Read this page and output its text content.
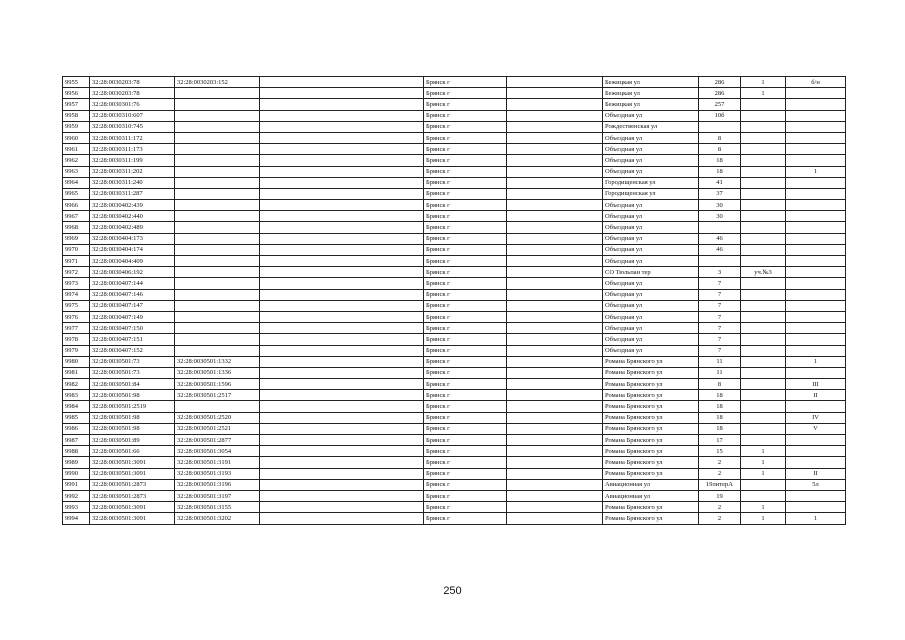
9955	32:28:0030203:78	32:28:0030203:152		Брянск г		Бежицкая ул	286	1	б/н
9956	32:28:0030203:78			Брянск г		Бежицкая ул	286	1	
9957	32:28:0030301:76			Брянск г		Бежицкая ул	257		
9958	32:28:0030310:607			Брянск г		Объездная ул	10б		
9959	32:28:0030310:745			Брянск г		Рождественская ул			
9960	32:28:0030311:172			Брянск г		Объездная ул	8		
9961	32:28:0030311:173			Брянск г		Объездная ул	8		
9962	32:28:0030311:199			Брянск г		Объездная ул	18		
9963	32:28:0030311:202			Брянск г		Объездная ул	18		1
9964	32:28:0030311:240			Брянск г		Городищенская ул	41		
9965	32:28:0030311:287			Брянск г		Городищенская ул	37		
9966	32:28:0030402:439			Брянск г		Объездная ул	30		
9967	32:28:0030402:440			Брянск г		Объездная ул	30		
9968	32:28:0030402:489			Брянск г		Объездная ул			
9969	32:28:0030404:173			Брянск г		Объездная ул	46		
9970	32:28:0030404:174			Брянск г		Объездная ул	46		
9971	32:28:0030404:409			Брянск г		Объездная ул			
9972	32:28:0030406:192			Брянск г		СО Тюльпан тер	3	уч.№3	
9973	32:28:0030407:144			Брянск г		Объездная ул	7		
9974	32:28:0030407:146			Брянск г		Объездная ул	7		
9975	32:28:0030407:147			Брянск г		Объездная ул	7		
9976	32:28:0030407:149			Брянск г		Объездная ул	7		
9977	32:28:0030407:150			Брянск г		Объездная ул	7		
9978	32:28:0030407:151			Брянск г		Объездная ул	7		
9979	32:28:0030407:152			Брянск г		Объездная ул	7		
9980	32:28:0030501:73	32:28:0030501:1332		Брянск г		Романа Брянского ул	11		1
9981	32:28:0030501:73	32:28:0030501:1336		Брянск г		Романа Брянского ул	11		
9982	32:28:0030501:84	32:28:0030501:1596		Брянск г		Романа Брянского ул	8		III
9983	32:28:0030501:98	32:28:0030501:2517		Брянск г		Романа Брянского ул	18		II
9984	32:28:0030501:2519			Брянск г		Романа Брянского ул	18		
9985	32:28:0030501:98	32:28:0030501:2520		Брянск г		Романа Брянского ул	18		IV
9986	32:28:0030501:98	32:28:0030501:2521		Брянск г		Романа Брянского ул	18		V
9987	32:28:0030501:89	32:28:0030501:2877		Брянск г		Романа Брянского ул	17		
9988	32:28:0030501:66	32:28:0030501:3054		Брянск г		Романа Брянского ул	15	1	
9989	32:28:0030501:3091	32:28:0030501:3191		Брянск г		Романа Брянского ул	2	1	
9990	32:28:0030501:3091	32:28:0030501:3193		Брянск г		Романа Брянского ул	2	1	II
9991	32:28:0030501:2873	32:28:0030501:3196		Брянск г		Авиационная ул	19литерА		5л
9992	32:28:0030501:2873	32:28:0030501:3197		Брянск г		Авиационная ул	19		
9993	32:28:0030501:3091	32:28:0030501:3155		Брянск г		Романа Брянского ул	2	1	
9994	32:28:0030501:3091	32:28:0030501:3202		Брянск г		Романа Брянского ул	2	1	1
250
